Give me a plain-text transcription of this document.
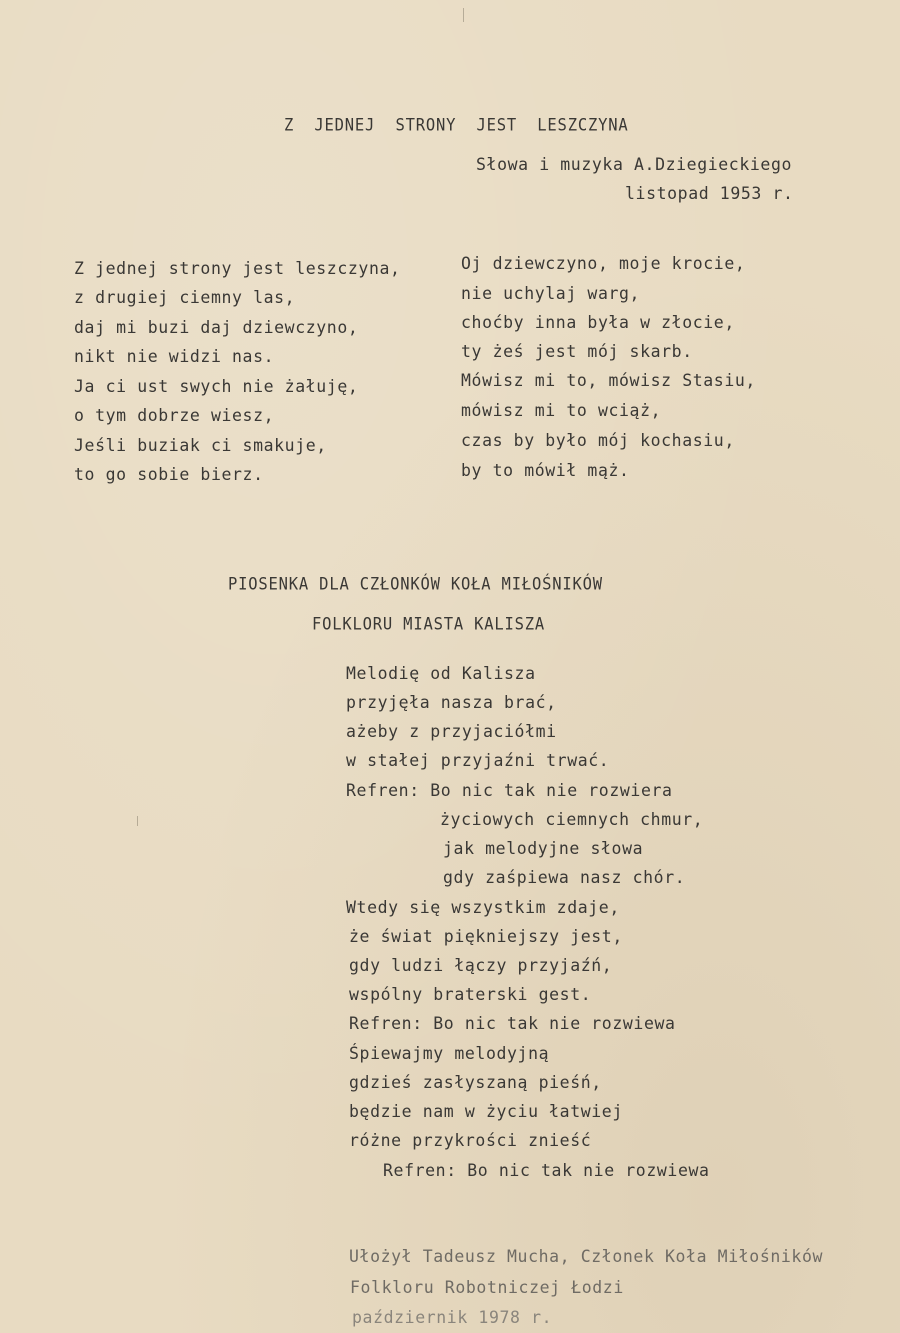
Z  JEDNEJ  STRONY  JEST  LESZCZYNA
Słowa i muzyka A.Dziegieckiego
listopad 1953 r.
Z jednej strony jest leszczyna,
z drugiej ciemny las,
daj mi buzi daj dziewczyno,
nikt nie widzi nas.
Ja ci ust swych nie żałuję,
o tym dobrze wiesz,
Jeśli buziak ci smakuje,
to go sobie bierz.
Oj dziewczyno, moje krocie,
nie uchylaj warg,
choćby inna była w złocie,
ty żeś jest mój skarb.
Mówisz mi to, mówisz Stasiu,
mówisz mi to wciąż,
czas by było mój kochasiu,
by to mówił mąż.
PIOSENKA DLA CZŁONKÓW KOŁA MIŁOŚNIKÓW
FOLKLORU MIASTA KALISZA
Melodię od Kalisza
przyjęła nasza brać,
ażeby z przyjaciółmi
w stałej przyjaźni trwać.
Refren: Bo nic tak nie rozwiera
życiowych ciemnych chmur,
jak melodyjne słowa
gdy zaśpiewa nasz chór.
Wtedy się wszystkim zdaje,
że świat piękniejszy jest,
gdy ludzi łączy przyjaźń,
wspólny braterski gest.
Refren: Bo nic tak nie rozwiewa
Śpiewajmy melodyjną
gdzieś zasłyszaną pieśń,
będzie nam w życiu łatwiej
różne przykrości znieść
Refren: Bo nic tak nie rozwiewa
Ułożył Tadeusz Mucha, Członek Koła Miłośników
Folkloru Robotniczej Łodzi
październik 1978 r.
